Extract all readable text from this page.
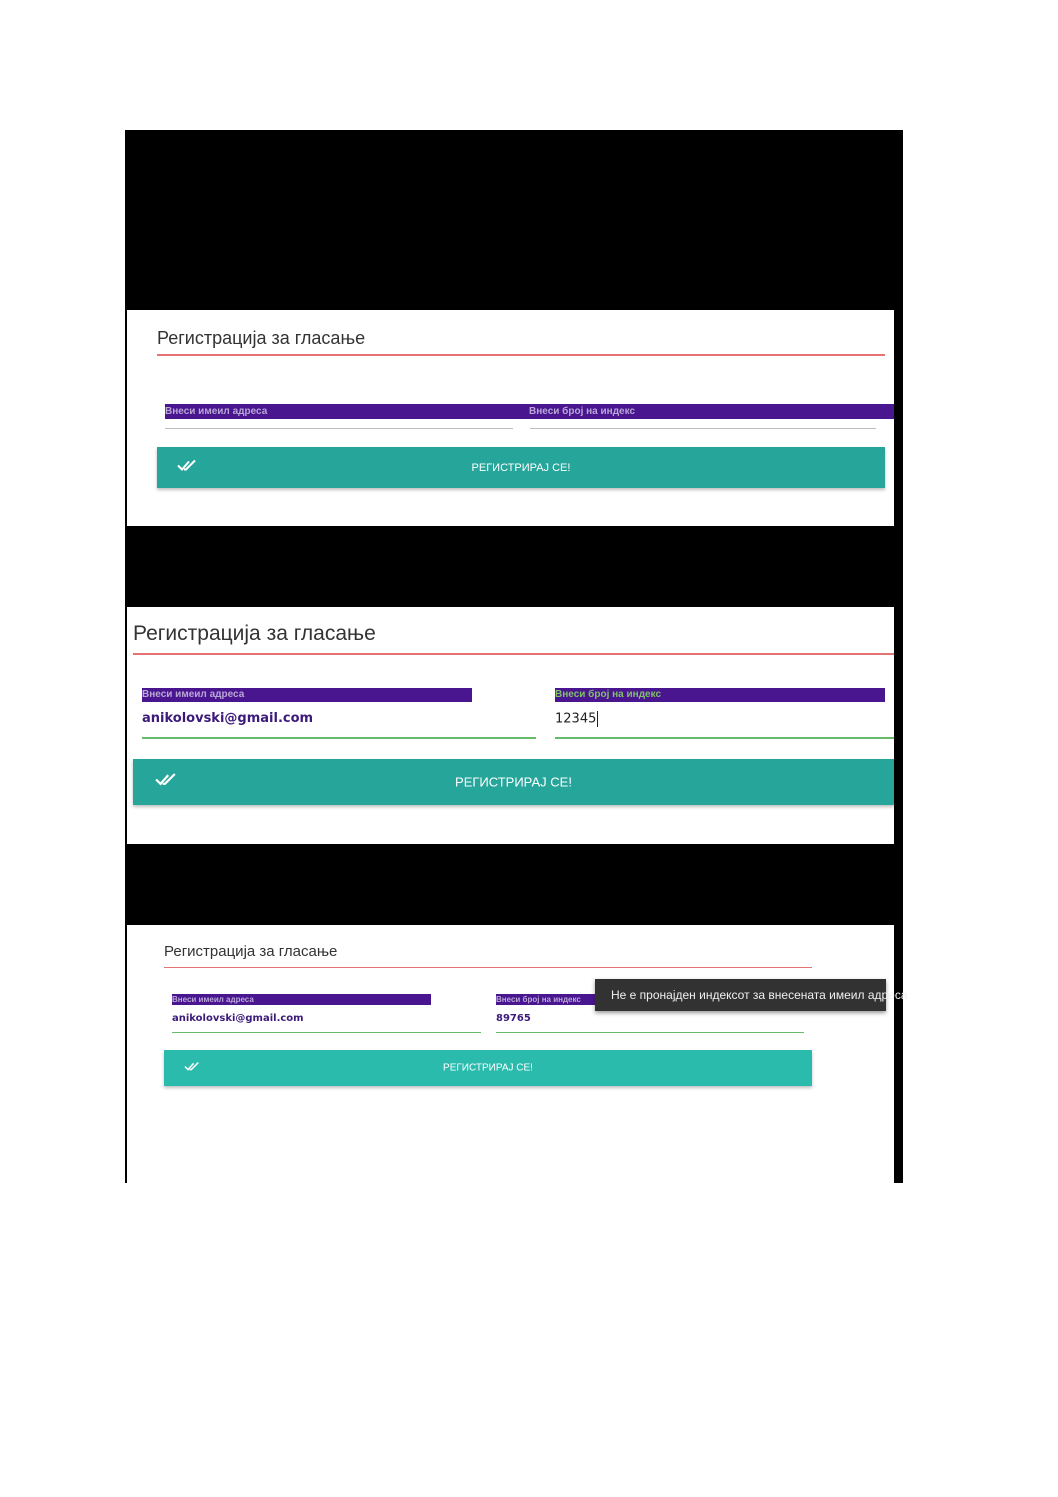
Регистрација за гласање
Внеси имеил адреса	Внеси број на индекс
РЕГИСТРИРАЈ СЕ!
Регистрација за гласање
Внеси имеил адреса	Внеси број на индекс
anikolovski@gmail.com	12345
РЕГИСТРИРАЈ СЕ!
Регистрација за гласање
Внеси имеил адреса	Внеси број на индекс
anikolovski@gmail.com	89765
РЕГИСТРИРАЈ СЕ!
Не е пронајден индексот за внесената имеил адреса
